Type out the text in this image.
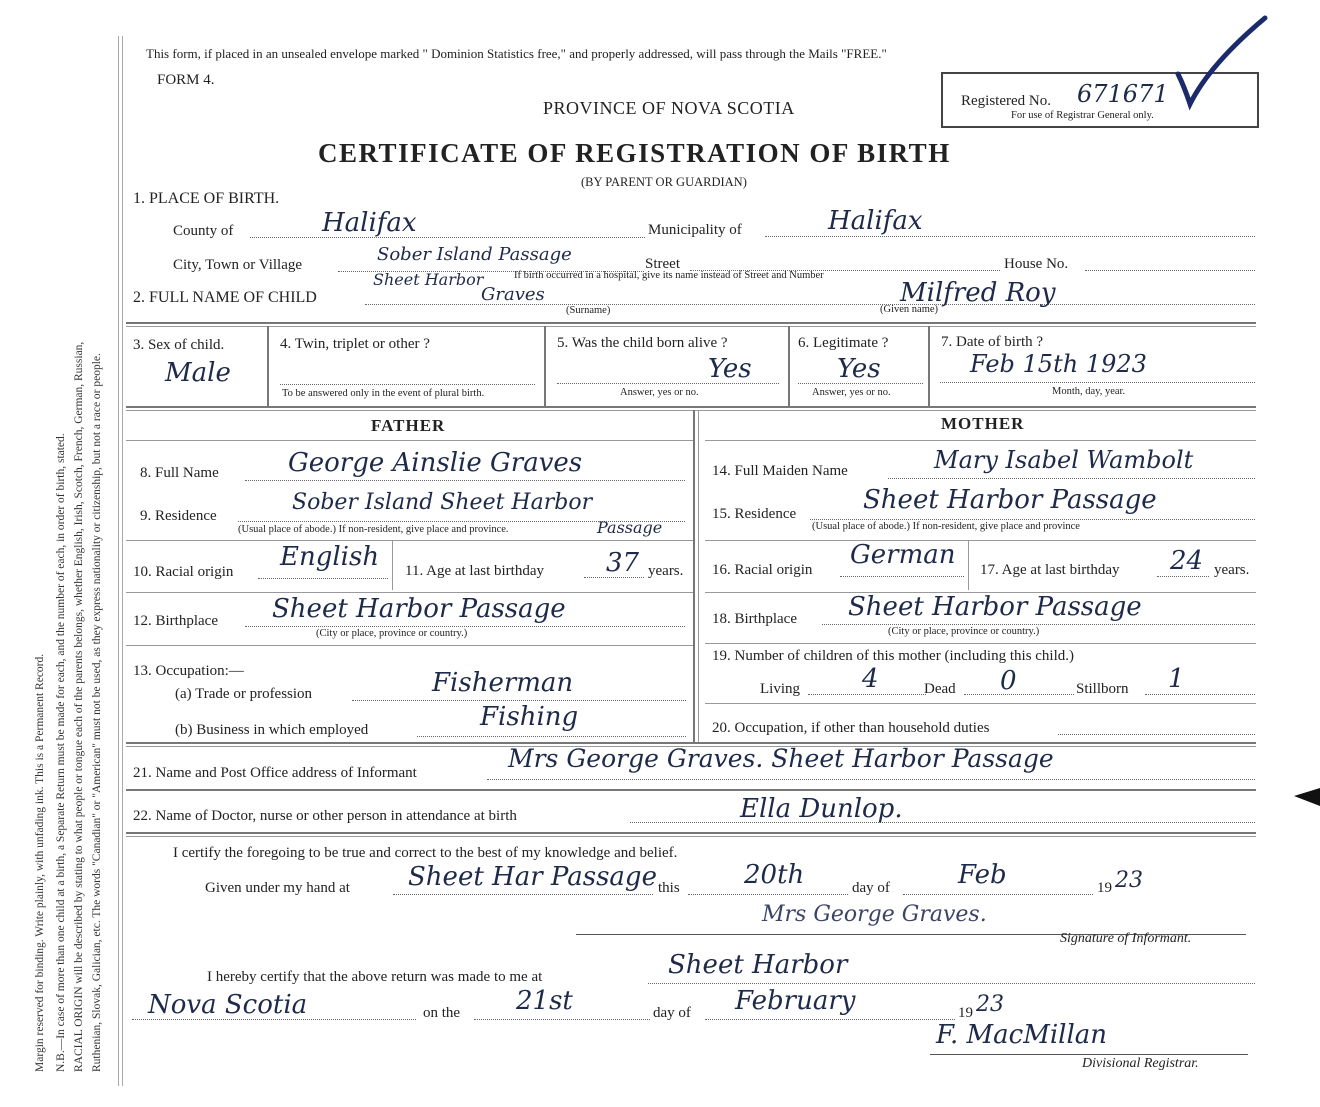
Margin reserved for binding. Write plainly, with unfading ink. This is a Permanent Record. N.B.—In case of more than one child at a birth, a Separate Return must be made for each, and the number of each, in order of birth, stated. RACIAL ORIGIN will be described by stating to what people or tongue each of the parents belongs, whether English, Irish, Scotch, French, German, Russian, Ruthenian, Slovak, Galician, etc. The words "Canadian" or "American" must not be used, as they express nationality or citizenship, but not a race or people.
This form, if placed in an unsealed envelope marked " Dominion Statistics free," and properly addressed, will pass through the Mails "FREE."
FORM 4.
PROVINCE OF NOVA SCOTIA
CERTIFICATE OF REGISTRATION OF BIRTH
(BY PARENT OR GUARDIAN)
Registered No. 671671
For use of Registrar General only.
1. PLACE OF BIRTH.
County of	Halifax	Municipality of	Halifax
City, Town or Village	Sober Island Passage	Street	House No.
If birth occurred in a hospital, give its name instead of Street and Number
Sheet Harbor
2. FULL NAME OF CHILD	Graves
(Surname)
Milfred Roy
(Given name)
3. Sex of child.
Male
4. Twin, triplet or other ?
To be answered only in the event of plural birth.
5. Was the child born alive ?
Yes
Answer, yes or no.
6. Legitimate ?
Yes
Answer, yes or no.
7. Date of birth ?
Feb 15th 1923
Month, day, year.
FATHER	MOTHER
8. Full Name	George Ainslie Graves
9. Residence
Sober Island Sheet Harbor
(Usual place of abode.) If non-resident, give place and province.	Passage
10. Racial origin English 11. Age at last birthday 37 years.
12. Birthplace Sheet Harbor Passage
(City or place, province or country.)
13. Occupation:—
(a) Trade or profession	Fisherman
(b) Business in which employed	Fishing
14. Full Maiden Name	Mary Isabel Wambolt
15. Residence	Sheet Harbor Passage
(Usual place of abode.) If non-resident, give place and province
16. Racial origin German 17. Age at last birthday 24 years.
18. Birthplace Sheet Harbor Passage
(City or place, province or country.)
19. Number of children of this mother (including this child.)
Living 4	Dead 0	Stillborn 1
20. Occupation, if other than household duties
21. Name and Post Office address of Informant	Mrs George Graves. Sheet Harbor Passage
22. Name of Doctor, nurse or other person in attendance at birth	Ella Dunlop.
I certify the foregoing to be true and correct to the best of my knowledge and belief.
Given under my hand at Sheet Har Passage this 20th	day of	Feb	19 23
Mrs George Graves.
Signature of Informant.
I hereby certify that the above return was made to me at	Sheet Harbor
Nova Scotia	on the 21st	day of February	19 23
F. MacMillan
Divisional Registrar.
